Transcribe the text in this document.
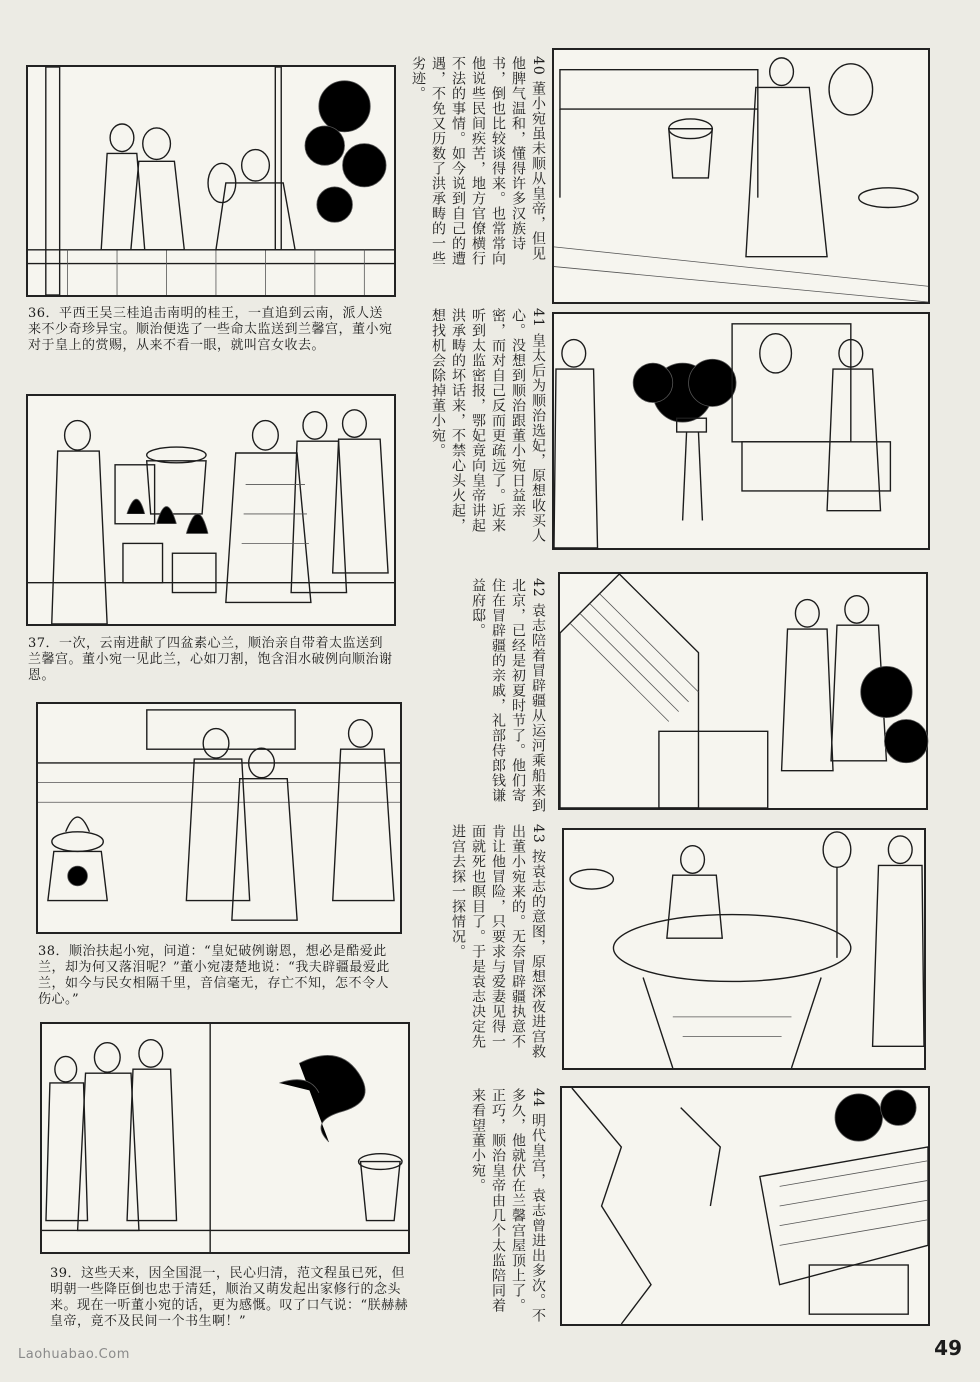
36．平西王吴三桂追击南明的桂王，一直追到云南，派人送来不少奇珍异宝。顺治便选了一些命太监送到兰馨宫，董小宛对于皇上的赏赐，从来不看一眼，就叫宫女收去。
37．一次，云南进献了四盆素心兰，顺治亲自带着太监送到兰馨宫。董小宛一见此兰，心如刀割，饱含泪水破例向顺治谢恩。
38．顺治扶起小宛，问道：“皇妃破例谢恩，想必是酷爱此兰，却为何又落泪呢？”董小宛凄楚地说：“我夫辟疆最爱此兰，如今与民女相隔千里，音信毫无，存亡不知，怎不令人伤心。”
39．这些天来，因全国混一，民心归清，范文程虽已死，但明朝一些降臣倒也忠于清廷，顺治又萌发起出家修行的念头来。现在一听董小宛的话，更为感慨。叹了口气说：“朕赫赫皇帝，竟不及民间一个书生啊！”
40 董小宛虽未顺从皇帝，但见他脾气温和，懂得许多汉族诗书，倒也比较谈得来。也常常向他说些民间疾苦，地方官僚横行不法的事情。如今说到自己的遭遇，不免又历数了洪承畴的一些劣迹。
41 皇太后为顺治选妃，原想收买人心。没想到顺治跟董小宛日益亲密，而对自己反而更疏远了。近来听到太监密报，鄂妃竟向皇帝讲起洪承畴的坏话来，不禁心头火起，想找机会除掉董小宛。
42 袁志陪着冒辟疆从运河乘船来到北京，已经是初夏时节了。他们寄住在冒辟疆的亲戚，礼部侍郎钱谦益府邸。
43 按袁志的意图，原想深夜进宫救出董小宛来的。无奈冒辟疆执意不肯让他冒险，只要求与爱妻见得一面就死也瞑目了。于是袁志决定先进宫去探一探情况。
44 明代皇宫，袁志曾进出多次。不多久，他就伏在兰馨宫屋顶上了。正巧，顺治皇帝由几个太监陪同着来看望董小宛。
Laohuabao.Com	49
